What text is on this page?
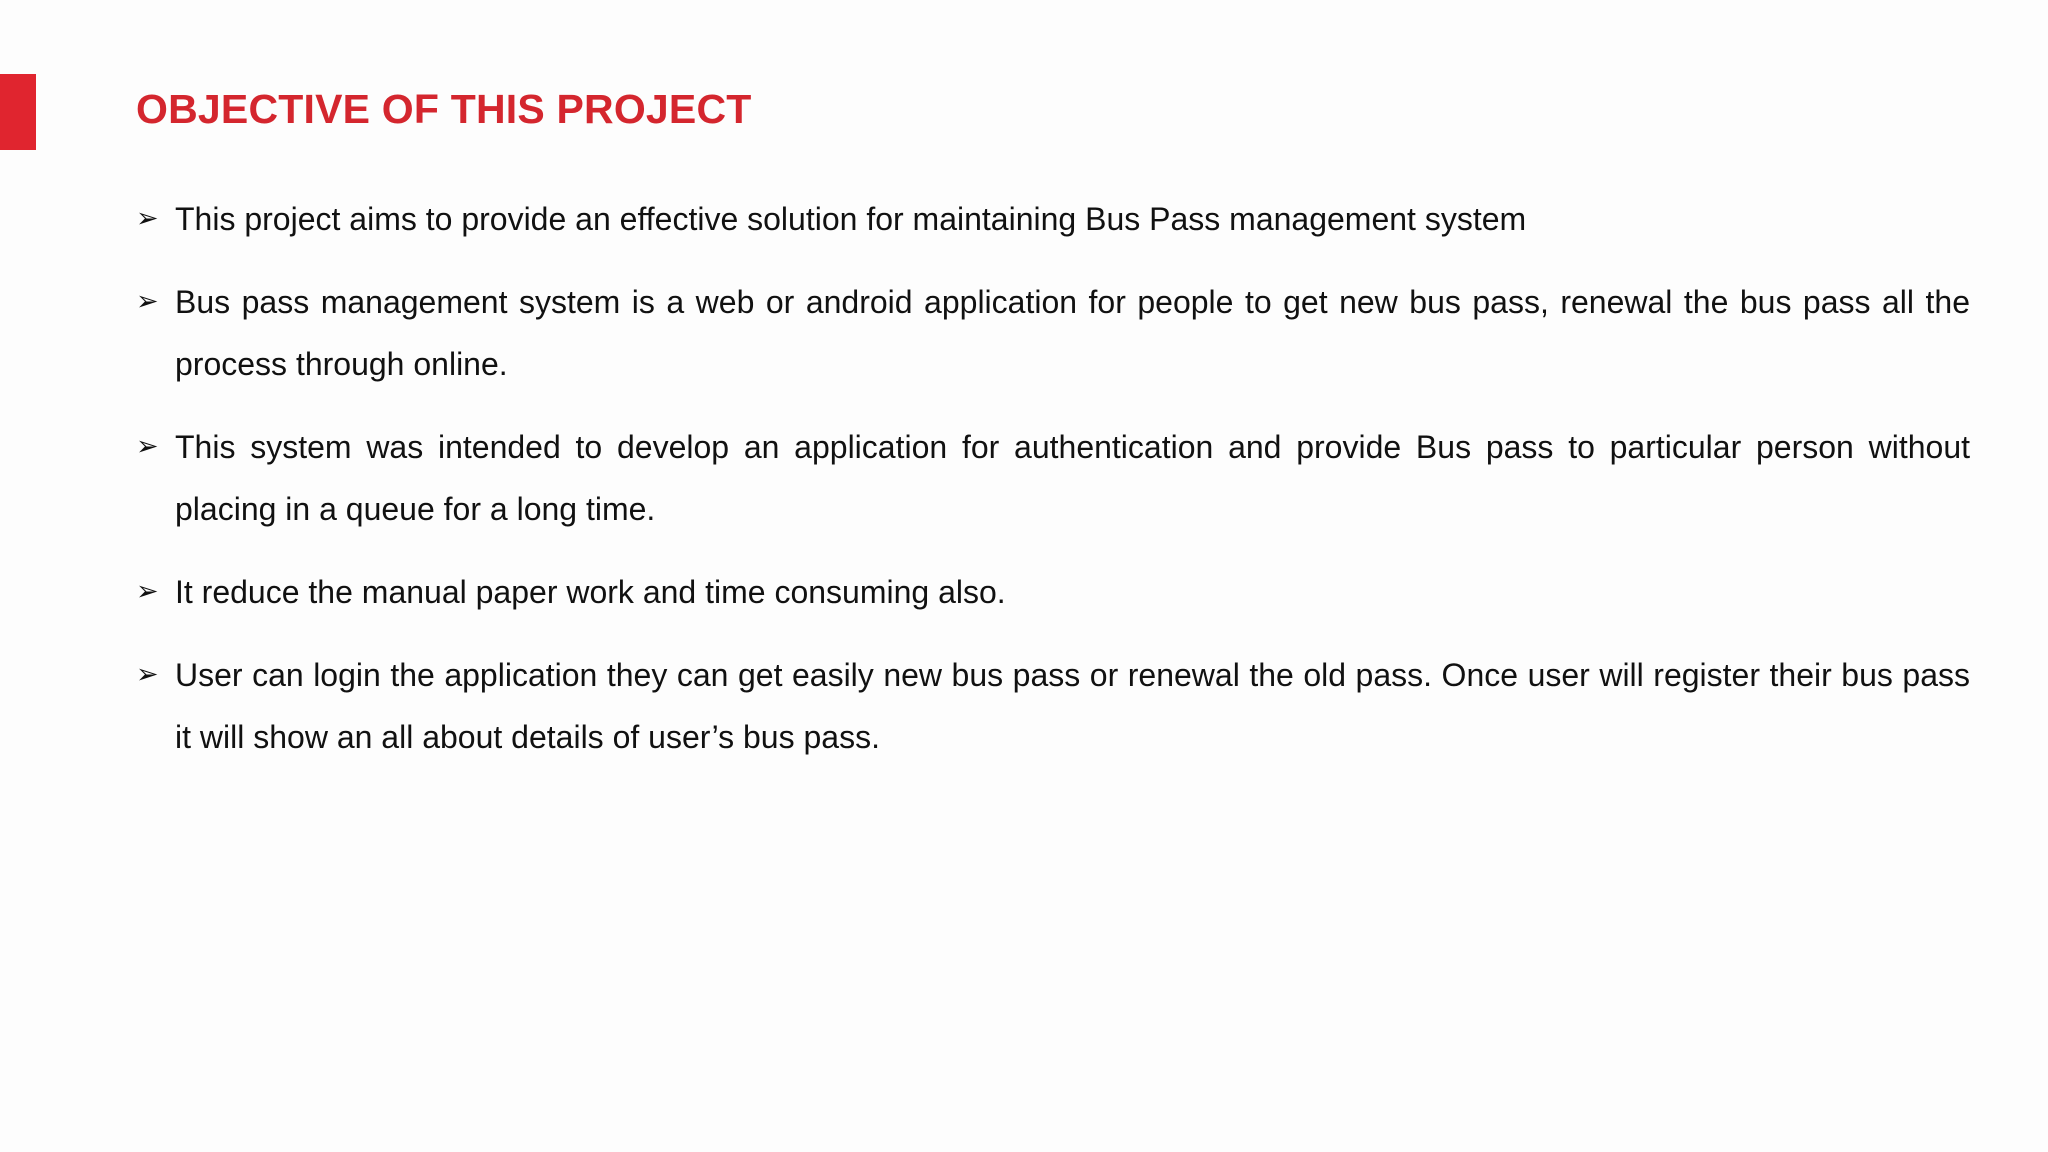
OBJECTIVE OF THIS PROJECT
➢ This project aims to provide an effective solution for maintaining Bus Pass management system
➢ Bus pass management system is a web or android application for people to get new bus pass, renewal the bus pass all the process through online.
➢ This system was intended to develop an application for authentication and provide Bus pass to particular person without placing in a queue for a long time.
➢ It reduce the manual paper work and time consuming also.
➢ User can login the application they can get easily new bus pass or renewal the old pass. Once user will register their bus pass it will show an all about details of user’s bus pass.
